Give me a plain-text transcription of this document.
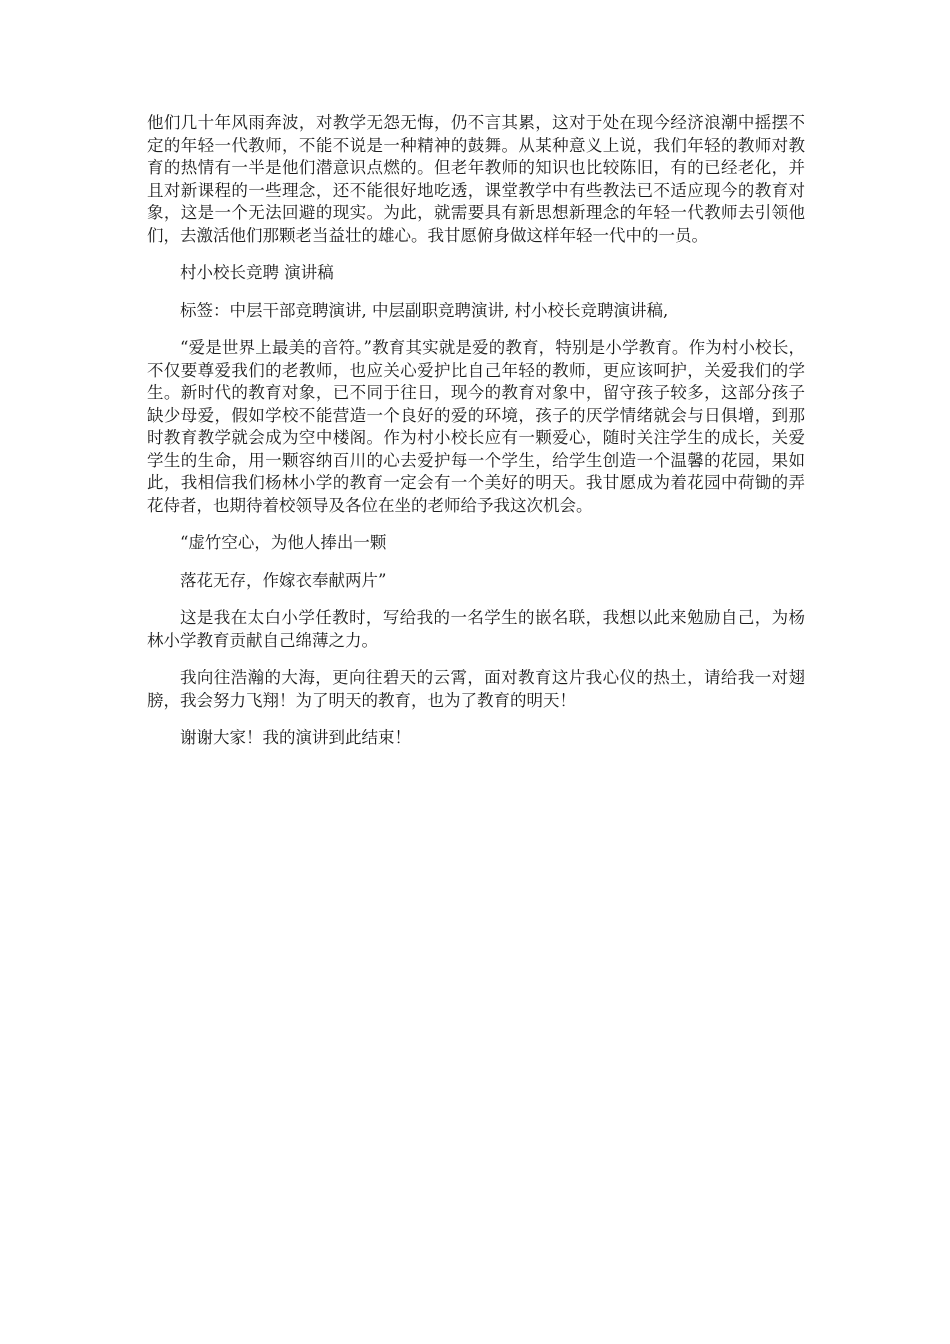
他们几十年风雨奔波，对教学无怨无悔，仍不言其累，这对于处在现今经济浪潮中摇摆不定的年轻一代教师，不能不说是一种精神的鼓舞。从某种意义上说，我们年轻的教师对教育的热情有一半是他们潜意识点燃的。但老年教师的知识也比较陈旧，有的已经老化，并且对新课程的一些理念，还不能很好地吃透，课堂教学中有些教法已不适应现今的教育对象，这是一个无法回避的现实。为此，就需要具有新思想新理念的年轻一代教师去引领他们，去激活他们那颗老当益壮的雄心。我甘愿俯身做这样年轻一代中的一员。

村小校长竞聘 演讲稿

标签：中层干部竞聘演讲, 中层副职竞聘演讲, 村小校长竞聘演讲稿,

“爱是世界上最美的音符。”教育其实就是爱的教育，特别是小学教育。作为村小校长，不仅要尊爱我们的老教师，也应关心爱护比自己年轻的教师，更应该呵护，关爱我们的学生。新时代的教育对象，已不同于往日，现今的教育对象中，留守孩子较多，这部分孩子缺少母爱，假如学校不能营造一个良好的爱的环境，孩子的厌学情绪就会与日俱增，到那时教育教学就会成为空中楼阁。作为村小校长应有一颗爱心，随时关注学生的成长，关爱学生的生命，用一颗容纳百川的心去爱护每一个学生，给学生创造一个温馨的花园，果如此，我相信我们杨林小学的教育一定会有一个美好的明天。我甘愿成为着花园中荷锄的弄花侍者，也期待着校领导及各位在坐的老师给予我这次机会。

“虚竹空心，为他人捧出一颗

落花无存，作嫁衣奉献两片”

这是我在太白小学任教时，写给我的一名学生的嵌名联，我想以此来勉励自己，为杨林小学教育贡献自己绵薄之力。

我向往浩瀚的大海，更向往碧天的云霄，面对教育这片我心仪的热土，请给我一对翅膀，我会努力飞翔！为了明天的教育，也为了教育的明天！

谢谢大家！我的演讲到此结束！
